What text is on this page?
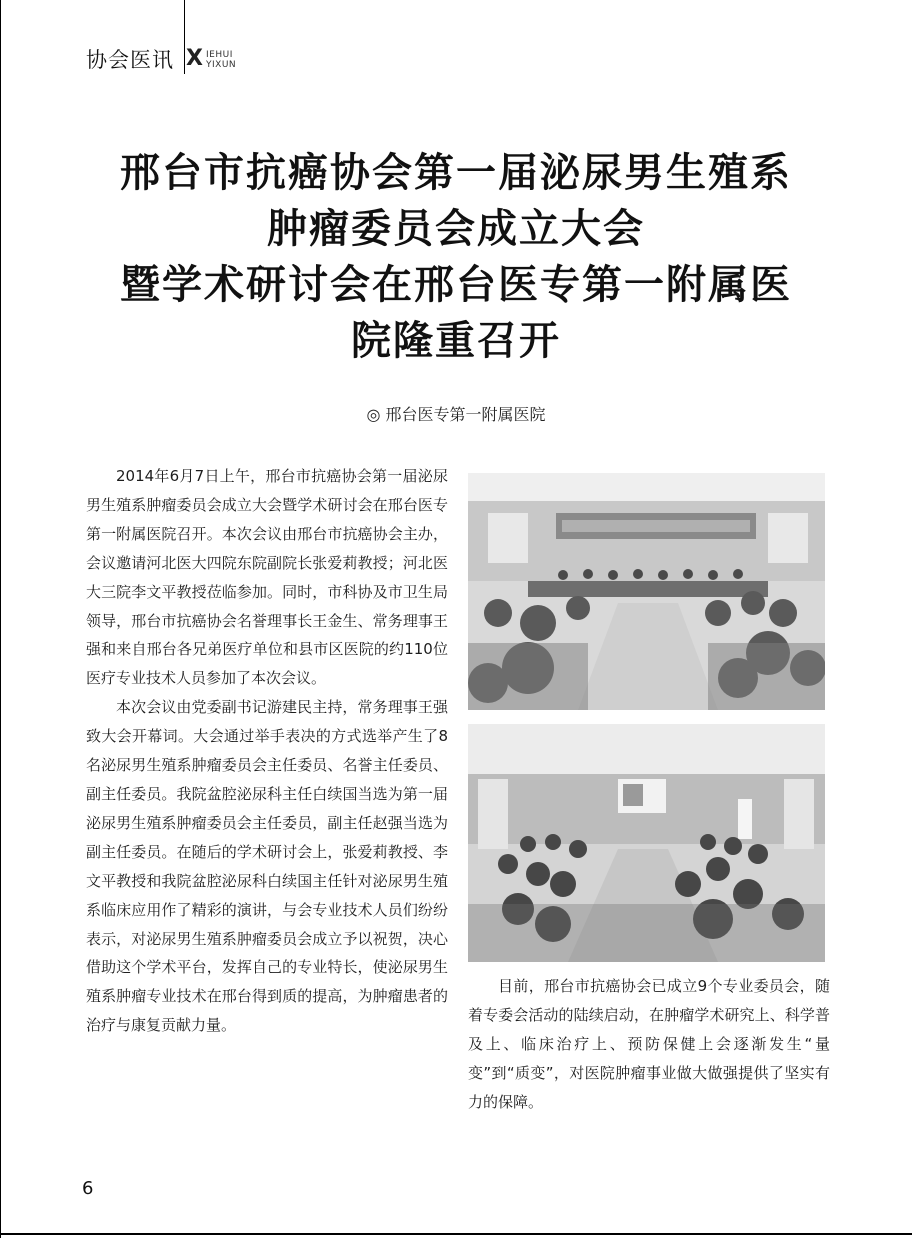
协会医讯 X IEHUI
YIXUN
邢台市抗癌协会第一届泌尿男生殖系
肿瘤委员会成立大会
暨学术研讨会在邢台医专第一附属医
院隆重召开
◎ 邢台医专第一附属医院

2014年6月7日上午，邢台市抗癌协会第一届泌尿男生殖系肿瘤委员会成立大会暨学术研讨会在邢台医专第一附属医院召开。本次会议由邢台市抗癌协会主办，会议邀请河北医大四院东院副院长张爱莉教授；河北医大三院李文平教授莅临参加。同时，市科协及市卫生局领导，邢台市抗癌协会名誉理事长王金生、常务理事王强和来自邢台各兄弟医疗单位和县市区医院的约110位医疗专业技术人员参加了本次会议。

本次会议由党委副书记游建民主持，常务理事王强致大会开幕词。大会通过举手表决的方式选举产生了8名泌尿男生殖系肿瘤委员会主任委员、名誉主任委员、副主任委员。我院盆腔泌尿科主任白续国当选为第一届泌尿男生殖系肿瘤委员会主任委员，副主任赵强当选为副主任委员。在随后的学术研讨会上，张爱莉教授、李文平教授和我院盆腔泌尿科白续国主任针对泌尿男生殖系临床应用作了精彩的演讲，与会专业技术人员们纷纷表示，对泌尿男生殖系肿瘤委员会成立予以祝贺，决心借助这个学术平台，发挥自己的专业特长，使泌尿男生殖系肿瘤专业技术在邢台得到质的提高，为肿瘤患者的治疗与康复贡献力量。

目前，邢台市抗癌协会已成立9个专业委员会，随着专委会活动的陆续启动，在肿瘤学术研究上、科学普及上、临床治疗上、预防保健上会逐渐发生“量变”到“质变”，对医院肿瘤事业做大做强提供了坚实有力的保障。

6
